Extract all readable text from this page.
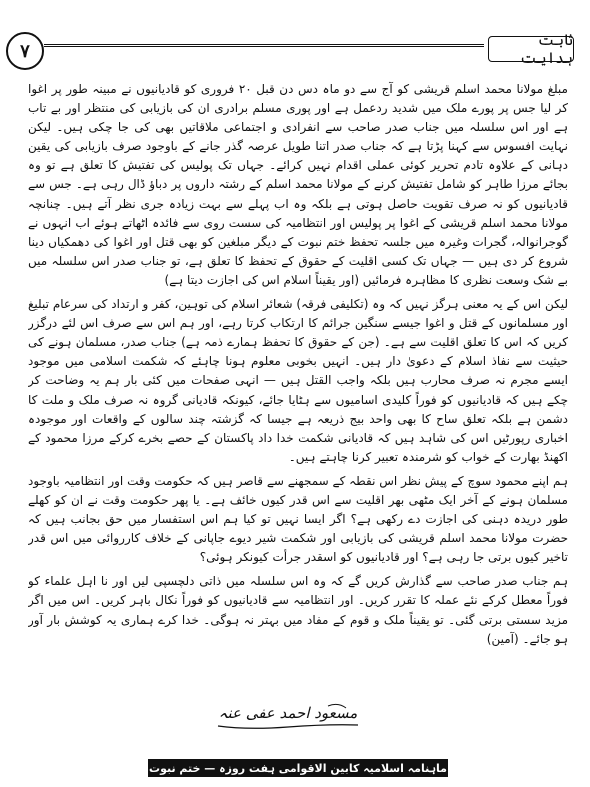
۷
ثابت ہدایت

مبلغ مولانا محمد اسلم قریشی کو آج سے دو ماہ دس دن قبل ۲۰ فروری کو قادیانیوں نے مبینہ طور پر اغوا کر لیا جس پر پورے ملک میں شدید ردعمل ہے اور پوری مسلم برادری ان کی بازیابی کی منتظر اور بے تاب ہے اور اس سلسلہ میں جناب صدر صاحب سے انفرادی و اجتماعی ملاقاتیں بھی کی جا چکی ہیں۔ لیکن نہایت افسوس سے کہنا پڑتا ہے کہ جناب صدر اتنا طویل عرصہ گذر جانے کے باوجود صرف بازیابی کی یقین دہانی کے علاوہ تادم تحریر کوئی عملی اقدام نہیں کرائے۔ جہاں تک پولیس کی تفتیش کا تعلق ہے تو وہ بجائے مرزا طاہر کو شامل تفتیش کرنے کے مولانا محمد اسلم کے رشتہ داروں پر دباؤ ڈال رہی ہے۔ جس سے قادیانیوں کو نہ صرف تقویت حاصل ہوتی ہے بلکہ وہ اب پہلے سے بہت زیادہ جری نظر آتے ہیں۔ چنانچہ مولانا محمد اسلم قریشی کے اغوا پر پولیس اور انتظامیہ کی سست روی سے فائدہ اٹھاتے ہوئے اب انہوں نے گوجرانوالہ، گجرات وغیرہ میں جلسہ تحفظ ختم نبوت کے دیگر مبلغین کو بھی قتل اور اغوا کی دھمکیاں دینا شروع کر دی ہیں — جہاں تک کسی اقلیت کے حقوق کے تحفظ کا تعلق ہے، تو جناب صدر اس سلسلہ میں بے شک وسعت نظری کا مظاہرہ فرمائیں (اور یقیناً اسلام اس کی اجازت دیتا ہے)

لیکن اس کے یہ معنی ہرگز نہیں کہ وہ (تکلیفی فرقہ) شعائر اسلام کی توہین، کفر و ارتداد کی سرعام تبلیغ اور مسلمانوں کے قتل و اغوا جیسے سنگین جرائم کا ارتکاب کرتا رہے، اور ہم اس سے صرف اس لئے درگزر کریں کہ اس کا تعلق اقلیت سے ہے۔ (جن کے حقوق کا تحفظ ہمارے ذمہ ہے) جناب صدر، مسلمان ہونے کی حیثیت سے نفاذ اسلام کے دعویٰ دار ہیں۔ انہیں بخوبی معلوم ہونا چاہئے کہ شکمت اسلامی میں موجود ایسے مجرم نہ صرف محارب ہیں بلکہ واجب القتل ہیں — انہی صفحات میں کئی بار ہم یہ وضاحت کر چکے ہیں کہ قادیانیوں کو فوراً کلیدی اسامیوں سے ہٹایا جائے، کیونکہ قادیانی گروہ نہ صرف ملک و ملت کا دشمن ہے بلکہ تعلق ساح کا بھی واحد بیج ذریعہ ہے جیسا کہ گزشتہ چند سالوں کے واقعات اور موجودہ اخباری رپورٹیں اس کی شاہد ہیں کہ قادیانی شکمت خدا داد پاکستان کے حصے بخرے کرکے مرزا محمود کے اکھنڈ بھارت کے خواب کو شرمندہ تعبیر کرنا چاہتے ہیں۔

ہم اپنے محمود سوچ کے پیش نظر اس نقطہ کے سمجھنے سے قاصر ہیں کہ حکومت وقت اور انتظامیہ باوجود مسلمان ہونے کے آخر ایک مٹھی بھر اقلیت سے اس قدر کیوں خائف ہے۔ یا پھر حکومت وقت نے ان کو کھلے طور دریدہ دہنی کی اجازت دے رکھی ہے؟ اگر ایسا نہیں تو کیا ہم اس استفسار میں حق بجانب ہیں کہ حضرت مولانا محمد اسلم قریشی کی بازیابی اور شکمت شیر دیوے جاپانی کے خلاف کارروائی میں اس قدر تاخیر کیوں برتی جا رہی ہے؟ اور قادیانیوں کو اسقدر جرأت کیونکر ہوئی؟

ہم جناب صدر صاحب سے گذارش کریں گے کہ وہ اس سلسلہ میں ذاتی دلچسپی لیں اور نا اہل علماء کو فوراً معطل کرکے نئے عملہ کا تقرر کریں۔ اور انتظامیہ سے قادیانیوں کو فوراً نکال باہر کریں۔ اس میں اگر مزید سستی برتی گئی۔ تو یقیناً ملک و قوم کے مفاد میں بہتر نہ ہوگی۔ خدا کرے ہماری یہ کوشش بار آور ہو جائے۔ (آمین)

مسعود احمد عفی عنہ
ماہنامہ اسلامیہ کابین الاقوامی ہفت روزہ — ختم نبوت
